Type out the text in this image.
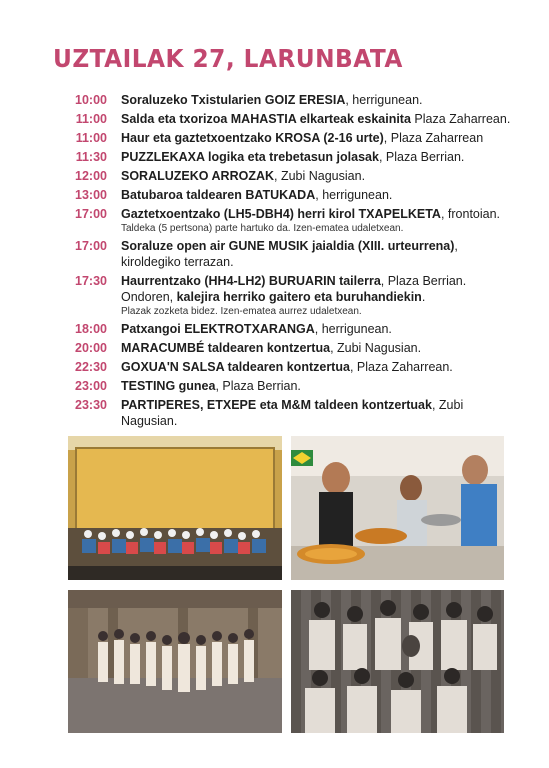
UZTAILAK 27, LARUNBATA
10:00 Soraluzeko Txistularien GOIZ ERESIA, herrigunean.
11:00 Salda eta txorizoa MAHASTIA elkarteak eskainita Plaza Zaharrean.
11:00 Haur eta gaztetxoentzako KROSA (2-16 urte), Plaza Zaharrean
11:30 PUZZLEKAXA logika eta trebetasun jolasak, Plaza Berrian.
12:00 SORALUZEKO ARROZAK, Zubi Nagusian.
13:00 Batubaroa taldearen BATUKADA, herrigunean.
17:00 Gaztetxoentzako (LH5-DBH4) herri kirol TXAPELKETA, frontoian.
Taldeka (5 pertsona) parte hartuko da. Izen-ematea udaletxean.
17:00 Soraluze open air GUNE MUSIK jaialdia (XIII. urteurrena), kiroldegiko terrazan.
17:30 Haurrentzako (HH4-LH2) BURUARIN tailerra, Plaza Berrian. Ondoren, kalejira herriko gaitero eta buruhandiekin.
Plazak zozketa bidez. Izen-ematea aurrez udaletxean.
18:00 Patxangoi ELEKTROTXARANGA, herrigunean.
20:00 MARACUMBÉ taldearen kontzertua, Zubi Nagusian.
22:30 GOXUA'N SALSA taldearen kontzertua, Plaza Zaharrean.
23:00 TESTING gunea, Plaza Berrian.
23:30 PARTIPERES, ETXEPE eta M&M taldeen kontzertuak, Zubi Nagusian.
